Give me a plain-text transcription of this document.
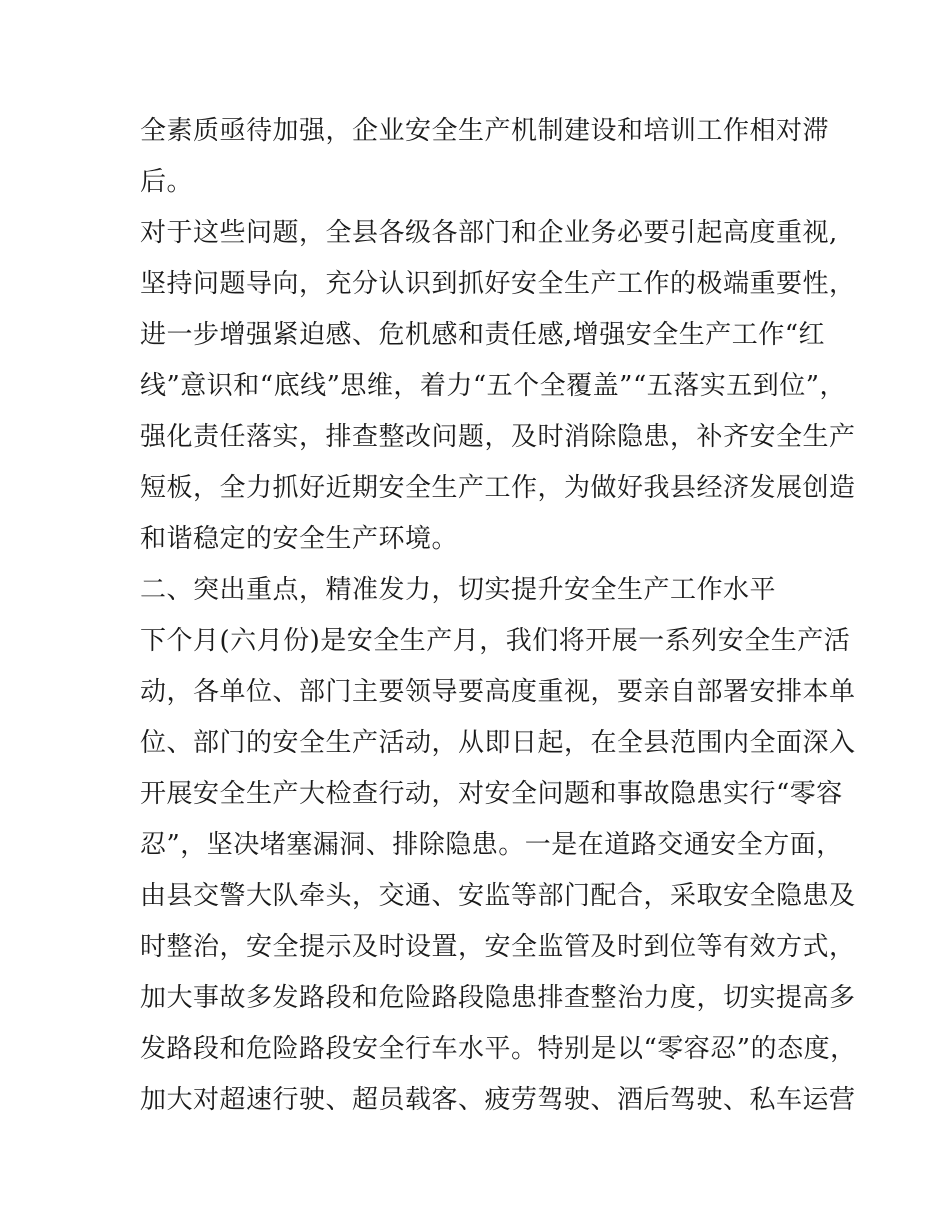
全素质亟待加强，企业安全生产机制建设和培训工作相对滞
后。
对于这些问题，全县各级各部门和企业务必要引起高度重视,
坚持问题导向，充分认识到抓好安全生产工作的极端重要性，
进一步增强紧迫感、危机感和责任感,增强安全生产工作“红
线”意识和“底线”思维，着力“五个全覆盖”“五落实五到位”，
强化责任落实，排查整改问题，及时消除隐患，补齐安全生产
短板，全力抓好近期安全生产工作，为做好我县经济发展创造
和谐稳定的安全生产环境。
二、突出重点，精准发力，切实提升安全生产工作水平
下个月(六月份)是安全生产月，我们将开展一系列安全生产活
动，各单位、部门主要领导要高度重视，要亲自部署安排本单
位、部门的安全生产活动，从即日起，在全县范围内全面深入
开展安全生产大检查行动，对安全问题和事故隐患实行“零容
忍”，坚决堵塞漏洞、排除隐患。一是在道路交通安全方面，
由县交警大队牵头，交通、安监等部门配合，采取安全隐患及
时整治，安全提示及时设置，安全监管及时到位等有效方式，
加大事故多发路段和危险路段隐患排查整治力度，切实提高多
发路段和危险路段安全行车水平。特别是以“零容忍”的态度，
加大对超速行驶、超员载客、疲劳驾驶、酒后驾驶、私车运营
